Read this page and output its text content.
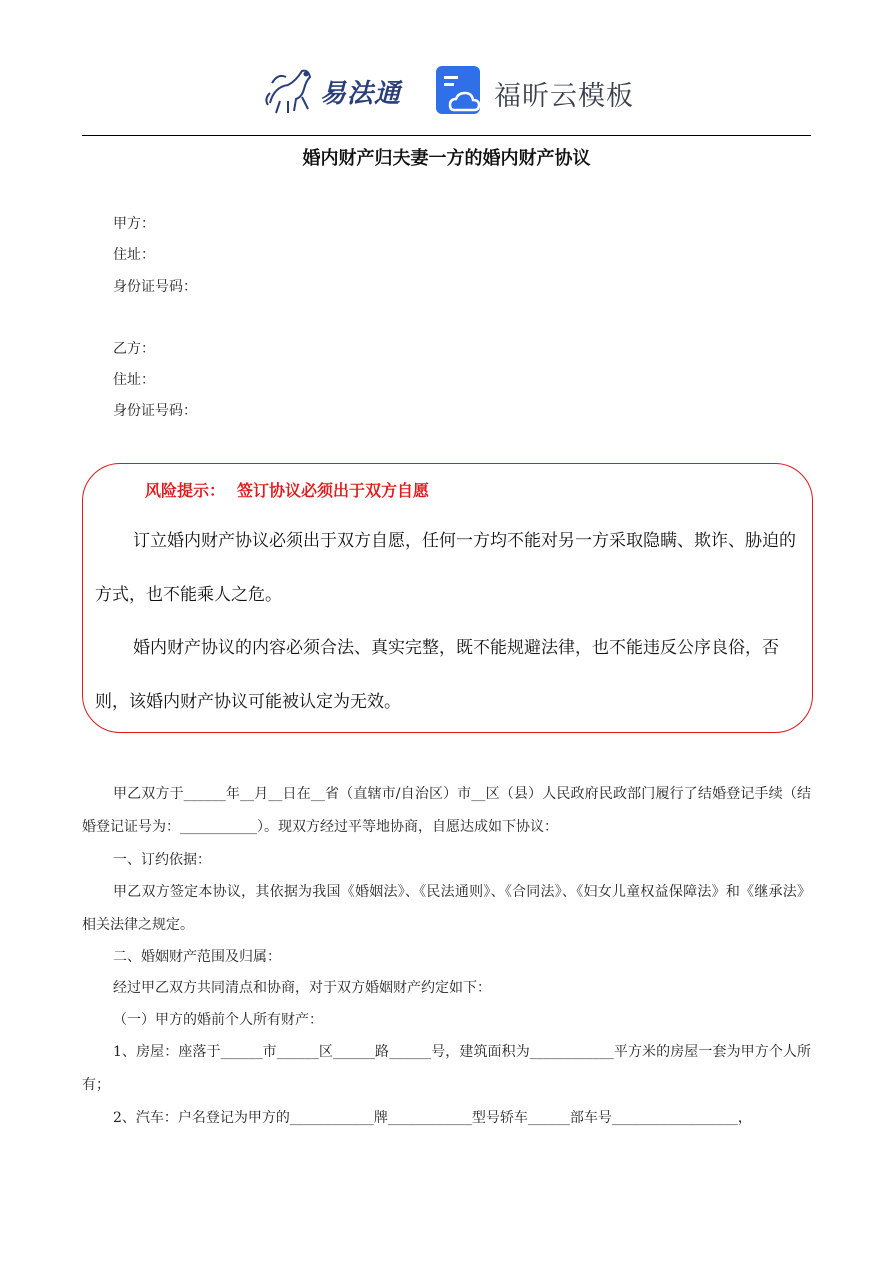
易法通	福昕云模板
婚内财产归夫妻一方的婚内财产协议
甲方：
住址：
身份证号码：
乙方：
住址：
身份证号码：
风险提示： 签订协议必须出于双方自愿
订立婚内财产协议必须出于双方自愿，任何一方均不能对另一方采取隐瞒、欺诈、胁迫的方式，也不能乘人之危。
婚内财产协议的内容必须合法、真实完整，既不能规避法律，也不能违反公序良俗，否则，该婚内财产协议可能被认定为无效。
甲乙双方于______年__月__日在__省（直辖市/自治区）市__区（县）人民政府民政部门履行了结婚登记手续（结婚登记证号为：___________）。现双方经过平等地协商，自愿达成如下协议：
一、订约依据：
甲乙双方签定本协议，其依据为我国《婚姻法》、《民法通则》、《合同法》、《妇女儿童权益保障法》和《继承法》相关法律之规定。
二、婚姻财产范围及归属：
经过甲乙双方共同清点和协商，对于双方婚姻财产约定如下：
（一）甲方的婚前个人所有财产：
1、房屋：座落于______市______区______路______号，建筑面积为____________平方米的房屋一套为甲方个人所有；
2、汽车：户名登记为甲方的____________牌____________型号轿车______部车号__________________，
